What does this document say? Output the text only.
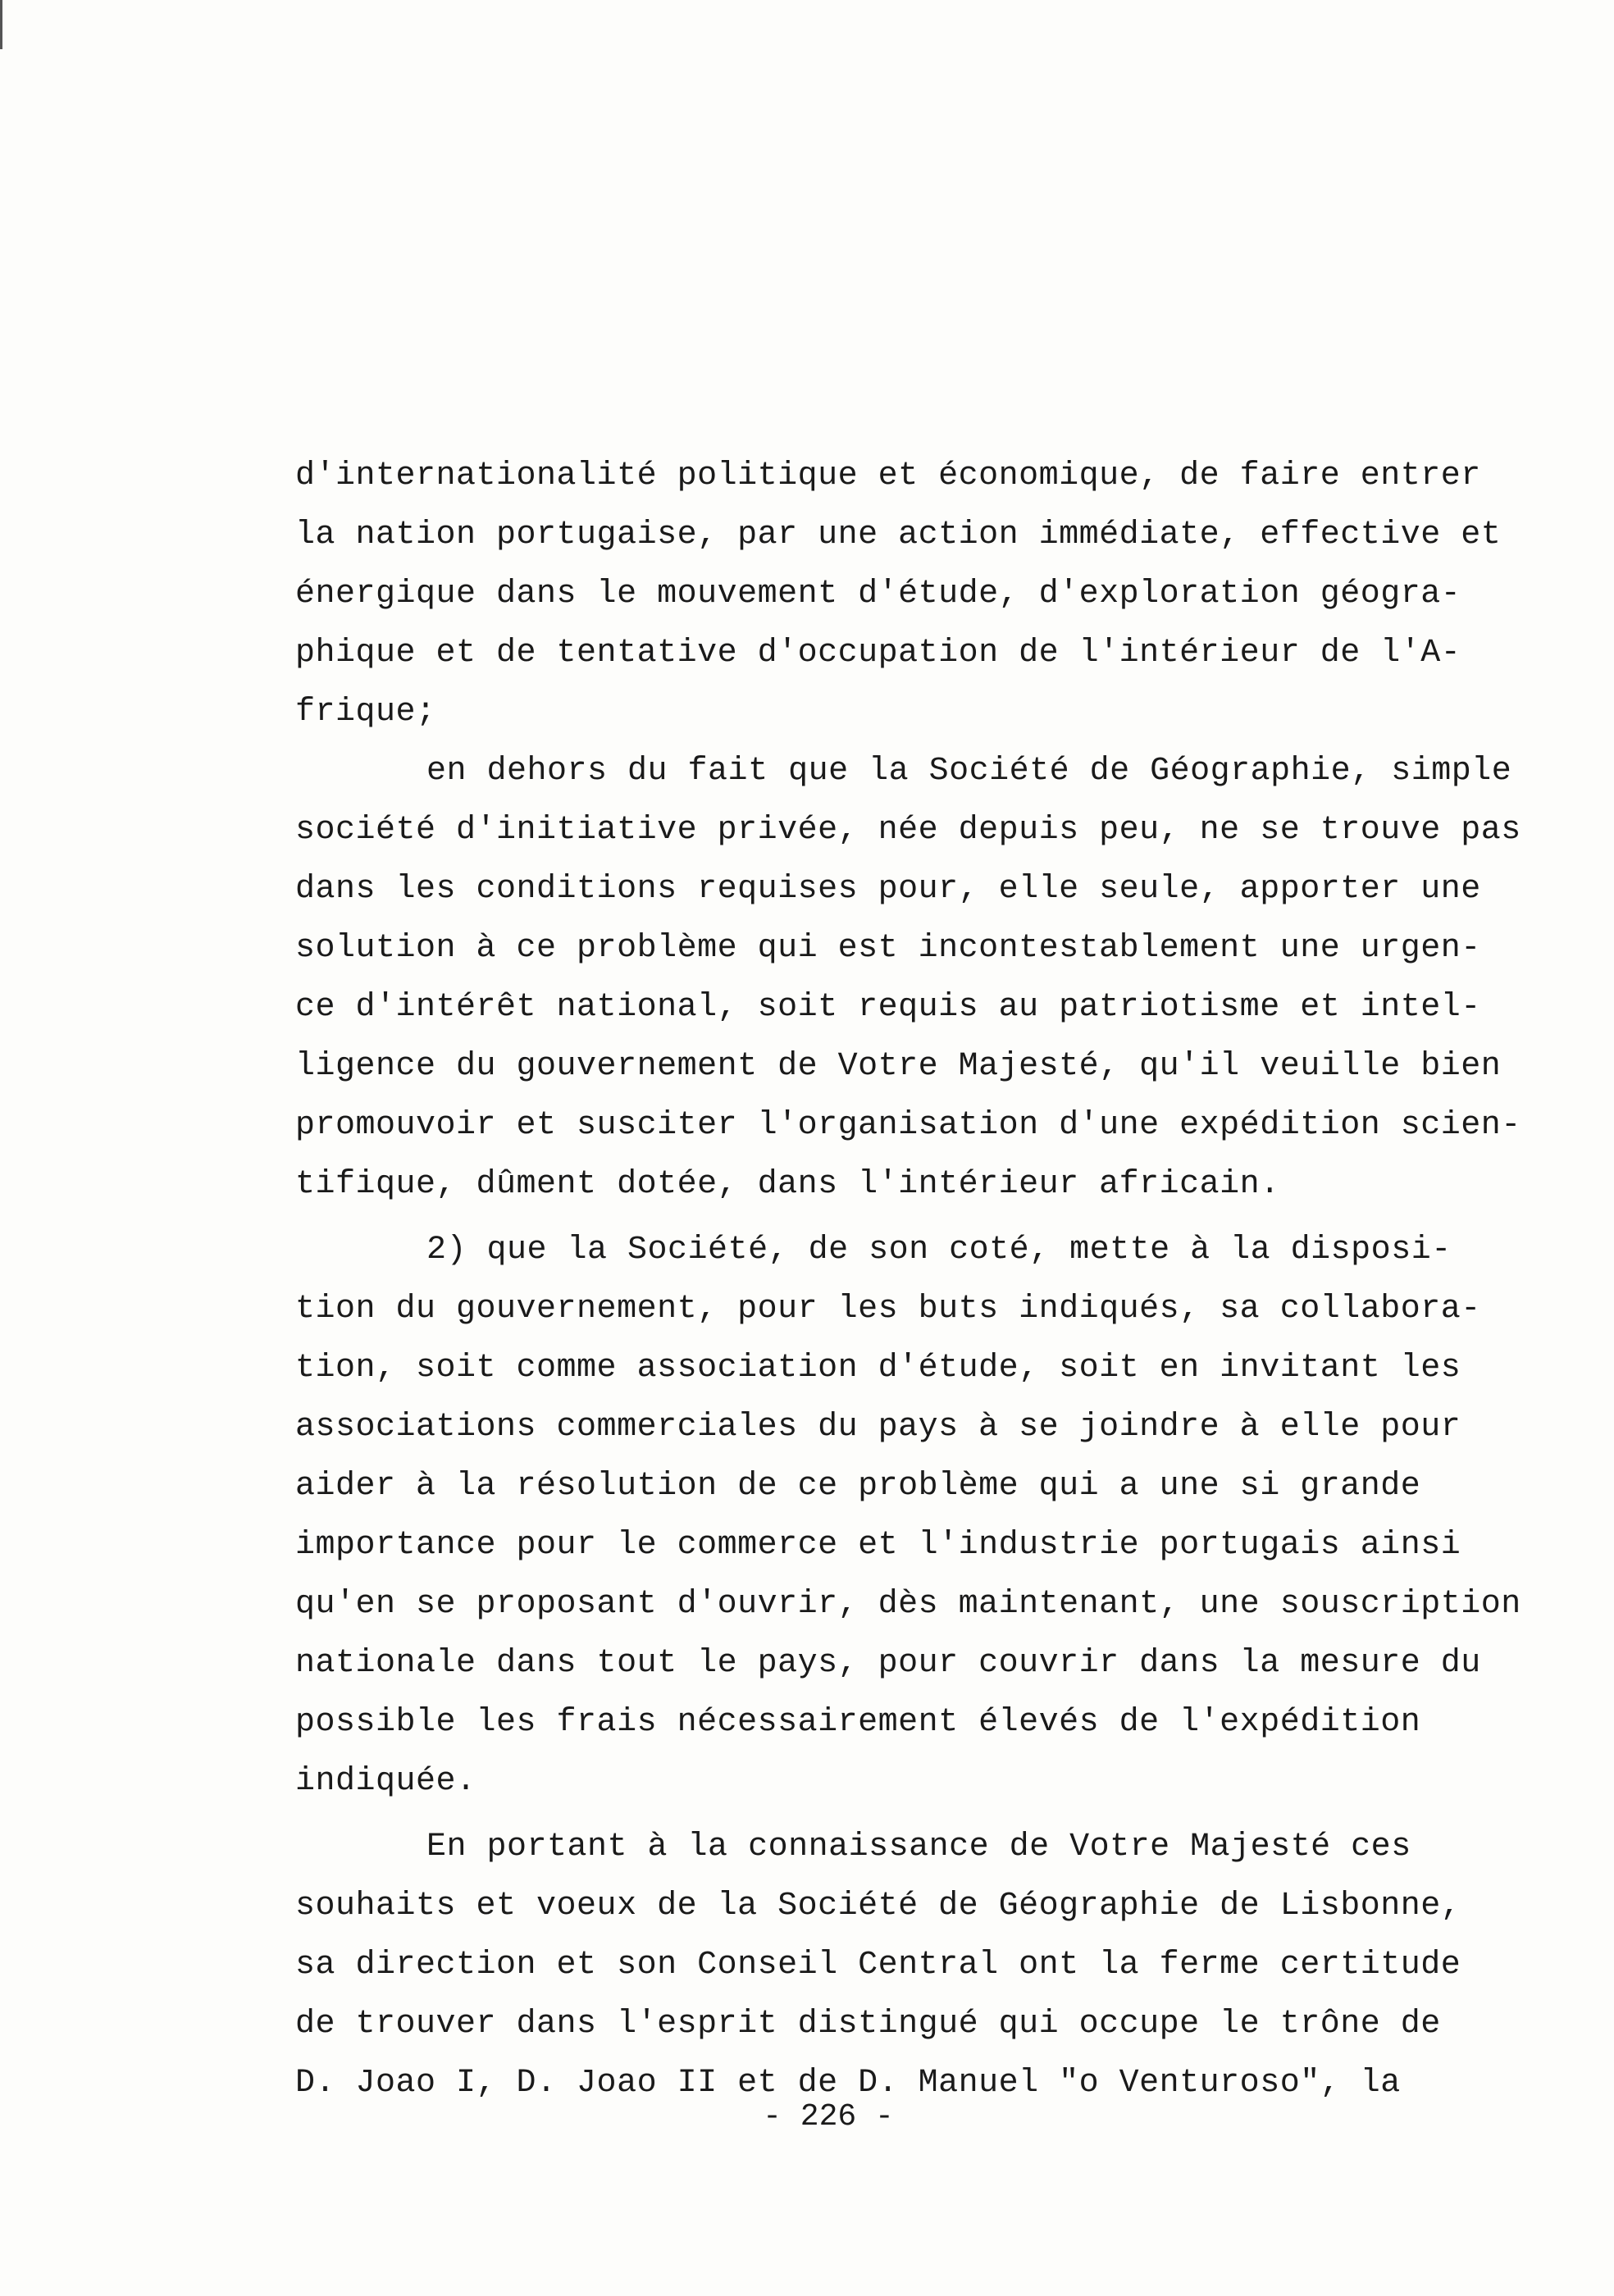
d'internationalité politique et économique, de faire entrer
la nation portugaise, par une action immédiate, effective et
énergique dans le mouvement d'étude, d'exploration géogra-
phique et de tentative d'occupation de l'intérieur de l'A-
frique;
en dehors du fait que la Société de Géographie, simple
société d'initiative privée, née depuis peu, ne se trouve pas
dans les conditions requises pour, elle seule, apporter une
solution à ce problème qui est incontestablement une urgen-
ce d'intérêt national, soit requis au patriotisme et intel-
ligence du gouvernement de Votre Majesté, qu'il veuille bien
promouvoir et susciter l'organisation d'une expédition scien-
tifique, dûment dotée, dans l'intérieur africain.
2) que la Société, de son coté, mette à la disposi-
tion du gouvernement, pour les buts indiqués, sa collabora-
tion, soit comme association d'étude, soit en invitant les
associations commerciales du pays à se joindre à elle pour
aider à la résolution de ce problème qui a une si grande
importance pour le commerce et l'industrie portugais ainsi
qu'en se proposant d'ouvrir, dès maintenant, une souscription
nationale dans tout le pays, pour couvrir dans la mesure du
possible les frais nécessairement élevés de l'expédition
indiquée.
En portant à la connaissance de Votre Majesté ces
souhaits et voeux de la Société de Géographie de Lisbonne,
sa direction et son Conseil Central ont la ferme certitude
de trouver dans l'esprit distingué qui occupe le trône de
D. Joao I, D. Joao II et de D. Manuel "o Venturoso", la
- 226 -
